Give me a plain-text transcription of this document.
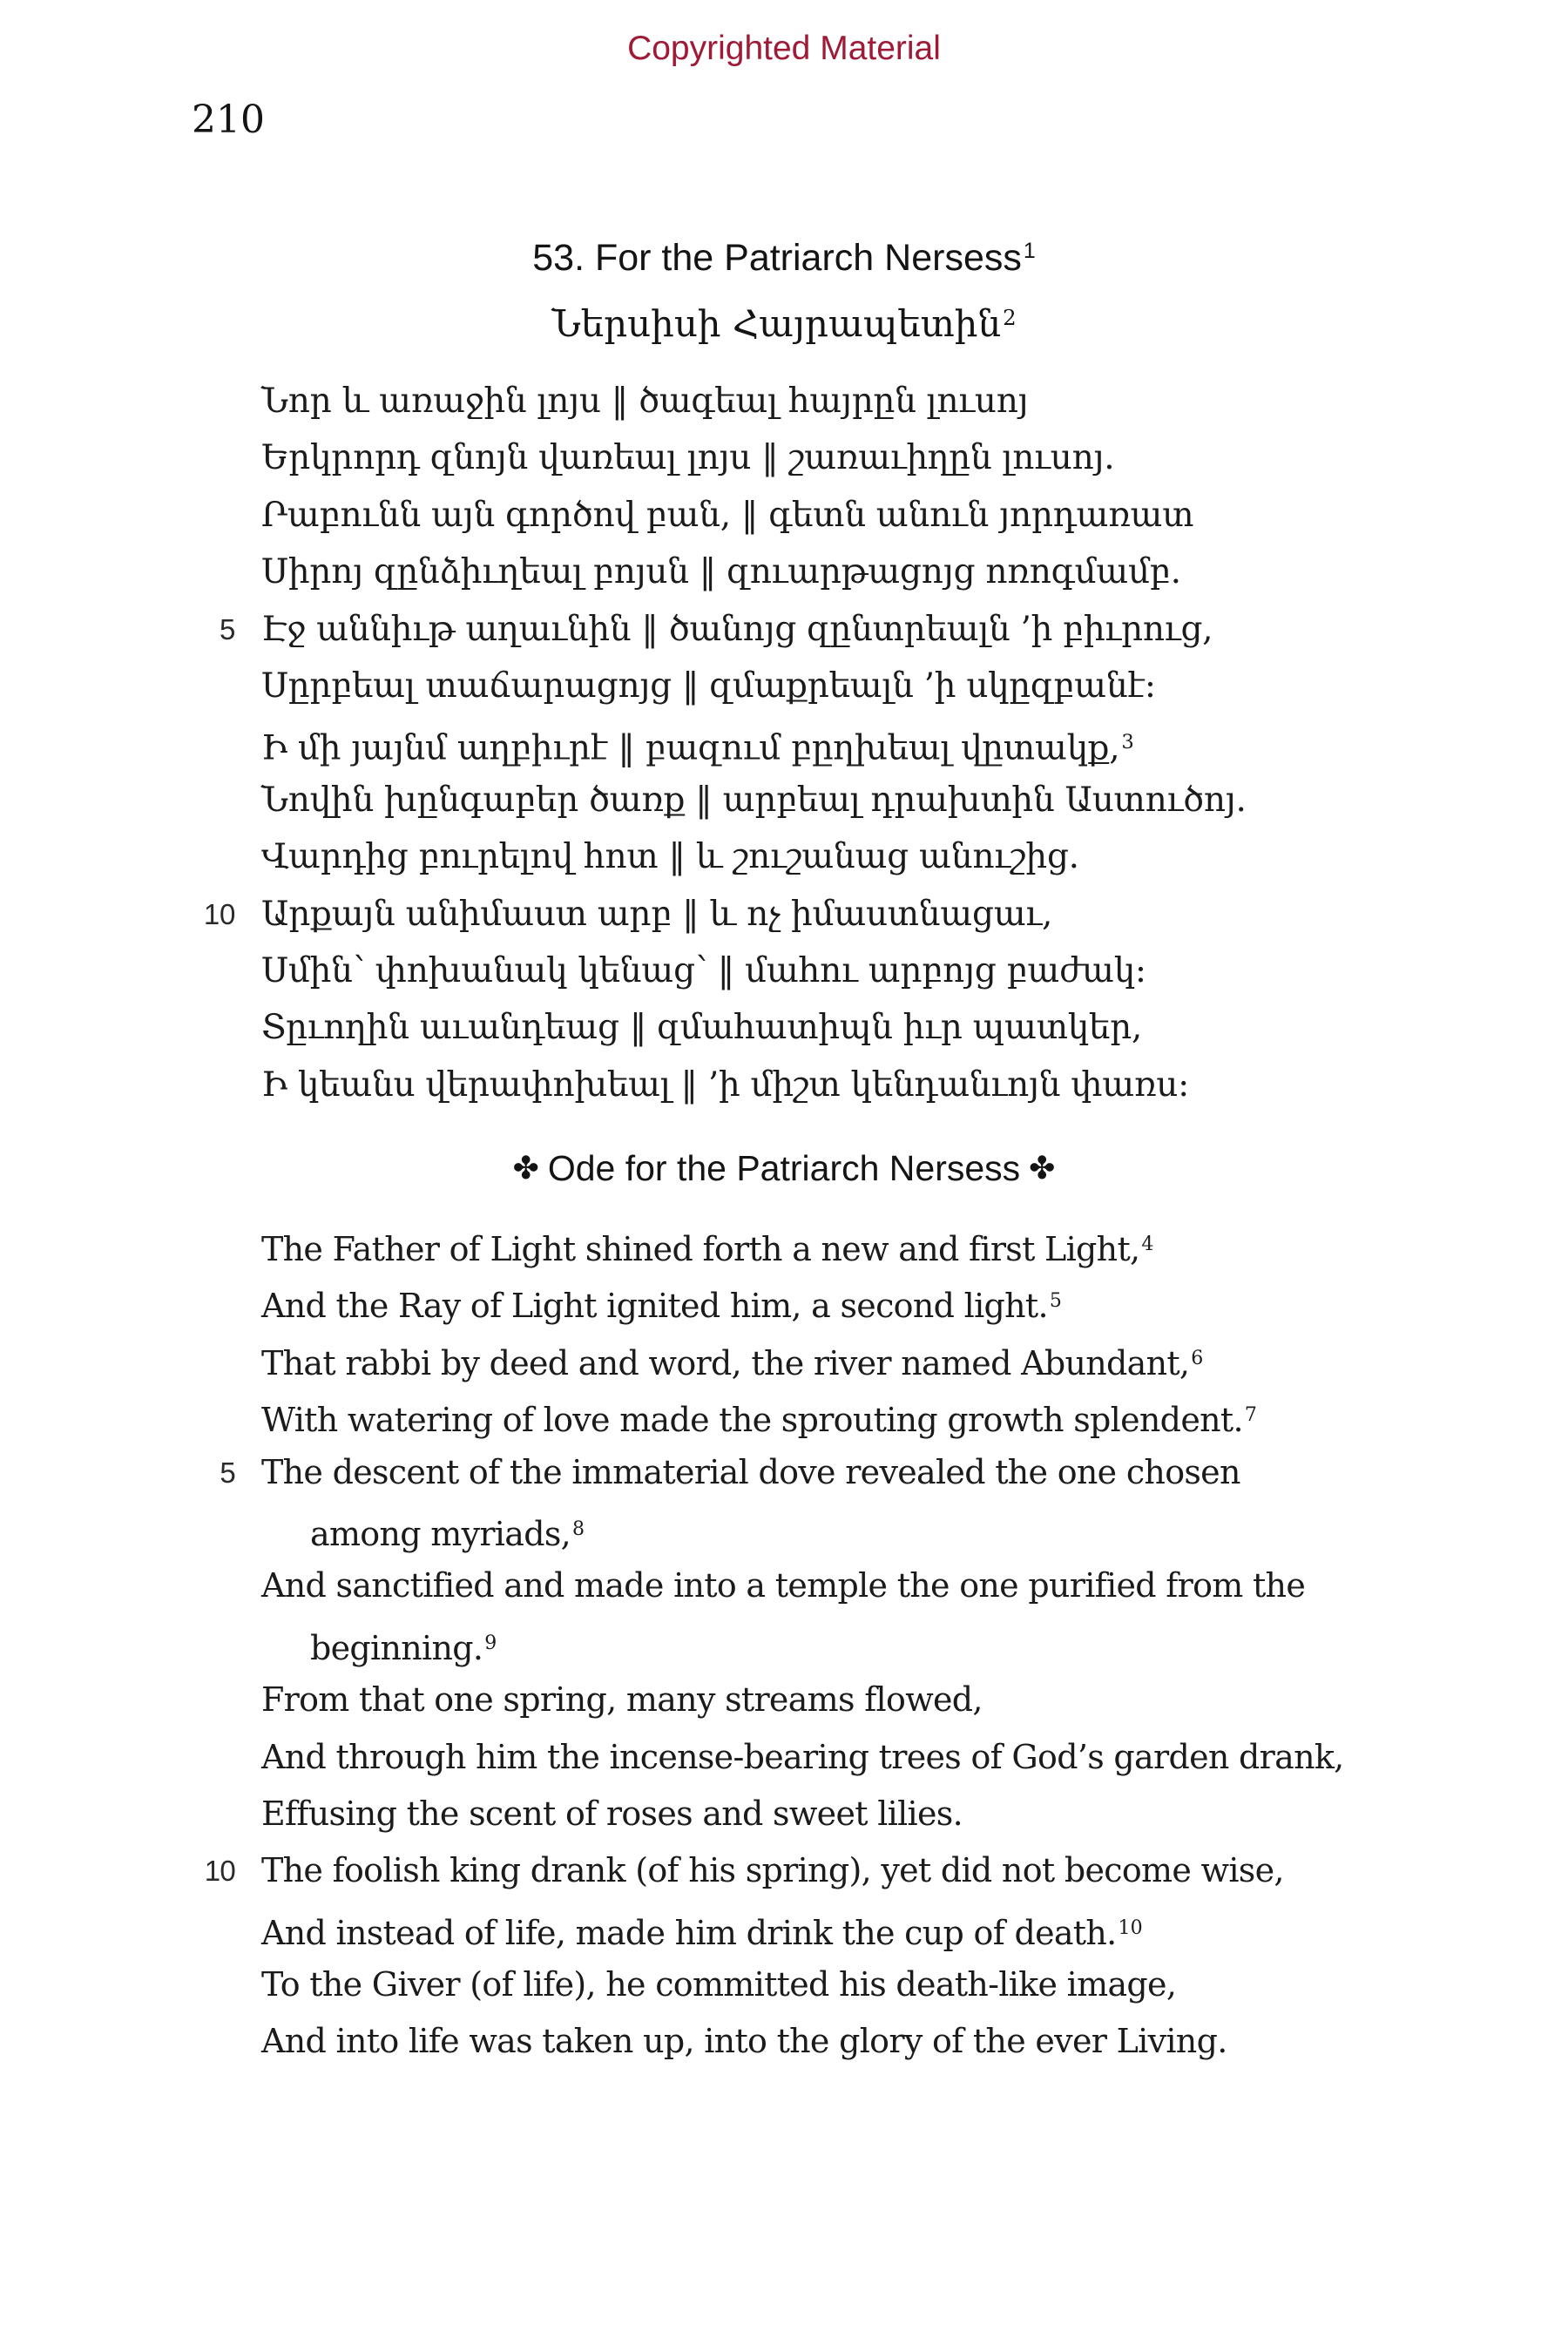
Copyrighted Material
210
53. For the Patriarch Nersess$^1$
Ներսիսի Հայրապետին$^2$
Նոր և առաջին լոյս ‖ ծագեալ հայրըն լուսոյ
Երկրորդ զնոյն վառեալ լոյս ‖ շառաւիղըն լուսոյ.
Րաբունն այն գործով բան, ‖ գետն անուն յորդառատ
Սիրոյ զընձիւղեալ բոյսն ‖ զուարթացոյց ոռոգմամբ.
5 Էջ աննիւթ աղաւնին ‖ ծանոյց զընտրեալն ’ի բիւրուց,
Սըրբեալ տաճարացոյց ‖ զմաքրեալն ’ի սկըզբանէ:
Ի մի յայնմ աղբիւրէ ‖ բազում բըղխեալ վըտակք,$^3$
Նովին խընգաբեր ծառք ‖ արբեալ դրախտին Աստուծոյ.
Վարդից բուրելով հոտ ‖ և շուշանաց անուշից.
10 Արքայն անիմաստ արբ ‖ և ոչ իմաստնացաւ,
Սմին՝ փոխանակ կենաց՝ ‖ մահու արբոյց բաժակ:
Տըւողին աւանդեաց ‖ զմահատիպն իւր պատկեր,
Ի կեանս վերափոխեալ ‖ ’ի միշտ կենդանւոյն փառս:
✤ Ode for the Patriarch Nersess ✤
The Father of Light shined forth a new and first Light,$^4$
And the Ray of Light ignited him, a second light.$^5$
That rabbi by deed and word, the river named Abundant,$^6$
With watering of love made the sprouting growth splendent.$^7$
5 The descent of the immaterial dove revealed the one chosen
among myriads,$^8$
And sanctified and made into a temple the one purified from the
beginning.$^9$
From that one spring, many streams flowed,
And through him the incense-bearing trees of God’s garden drank,
Effusing the scent of roses and sweet lilies.
10 The foolish king drank (of his spring), yet did not become wise,
And instead of life, made him drink the cup of death.$^{10}$
To the Giver (of life), he committed his death-like image,
And into life was taken up, into the glory of the ever Living.
